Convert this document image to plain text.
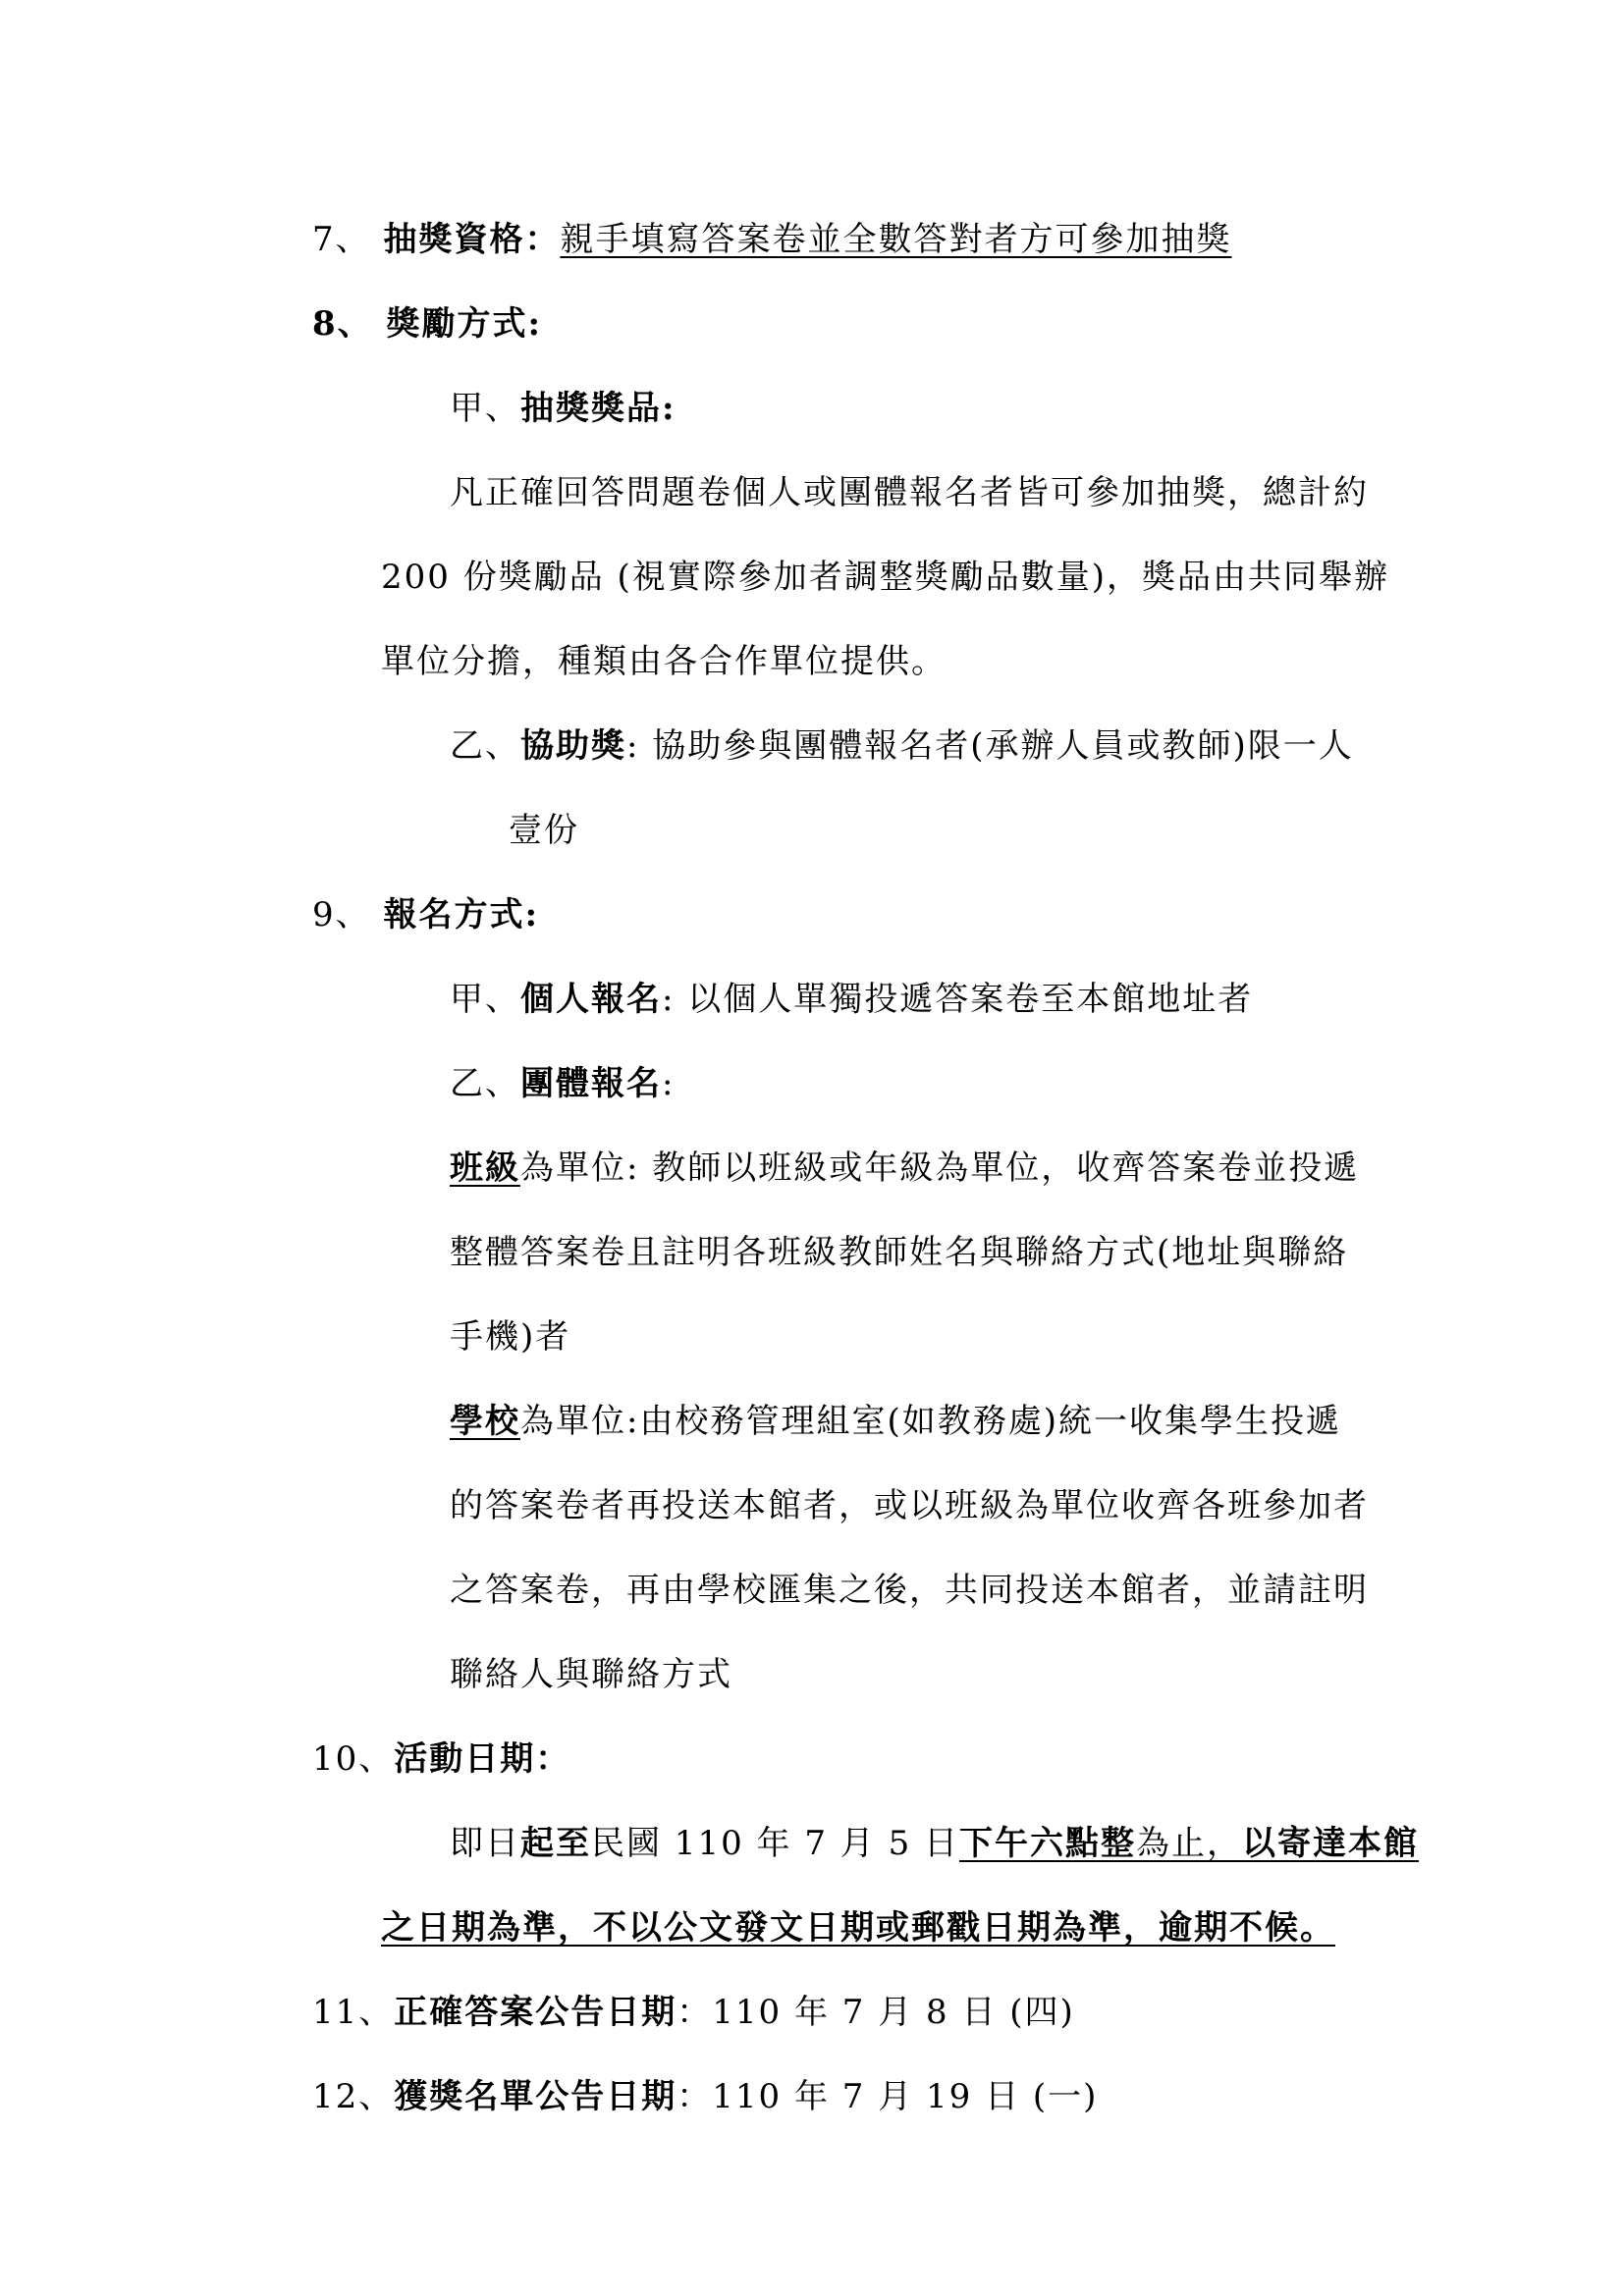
7、 抽獎資格：親手填寫答案卷並全數答對者方可參加抽獎
8、 獎勵方式:
甲、抽獎獎品:
凡正確回答問題卷個人或團體報名者皆可參加抽獎，總計約
200 份獎勵品 (視實際參加者調整獎勵品數量)，獎品由共同舉辦
單位分擔，種類由各合作單位提供。
乙、協助獎: 協助參與團體報名者(承辦人員或教師)限一人
壹份
9、 報名方式:
甲、個人報名: 以個人單獨投遞答案卷至本館地址者
乙、團體報名:
班級為單位: 教師以班級或年級為單位，收齊答案卷並投遞
整體答案卷且註明各班級教師姓名與聯絡方式(地址與聯絡
手機)者
學校為單位:由校務管理組室(如教務處)統一收集學生投遞
的答案卷者再投送本館者，或以班級為單位收齊各班參加者
之答案卷，再由學校匯集之後，共同投送本館者，並請註明
聯絡人與聯絡方式
10、活動日期：
即日起至民國 110 年 7 月 5 日下午六點整為止，以寄達本館
之日期為準，不以公文發文日期或郵戳日期為準，逾期不候。
11、正確答案公告日期：110 年 7 月 8 日 (四)
12、獲獎名單公告日期：110 年 7 月 19 日 (一)
